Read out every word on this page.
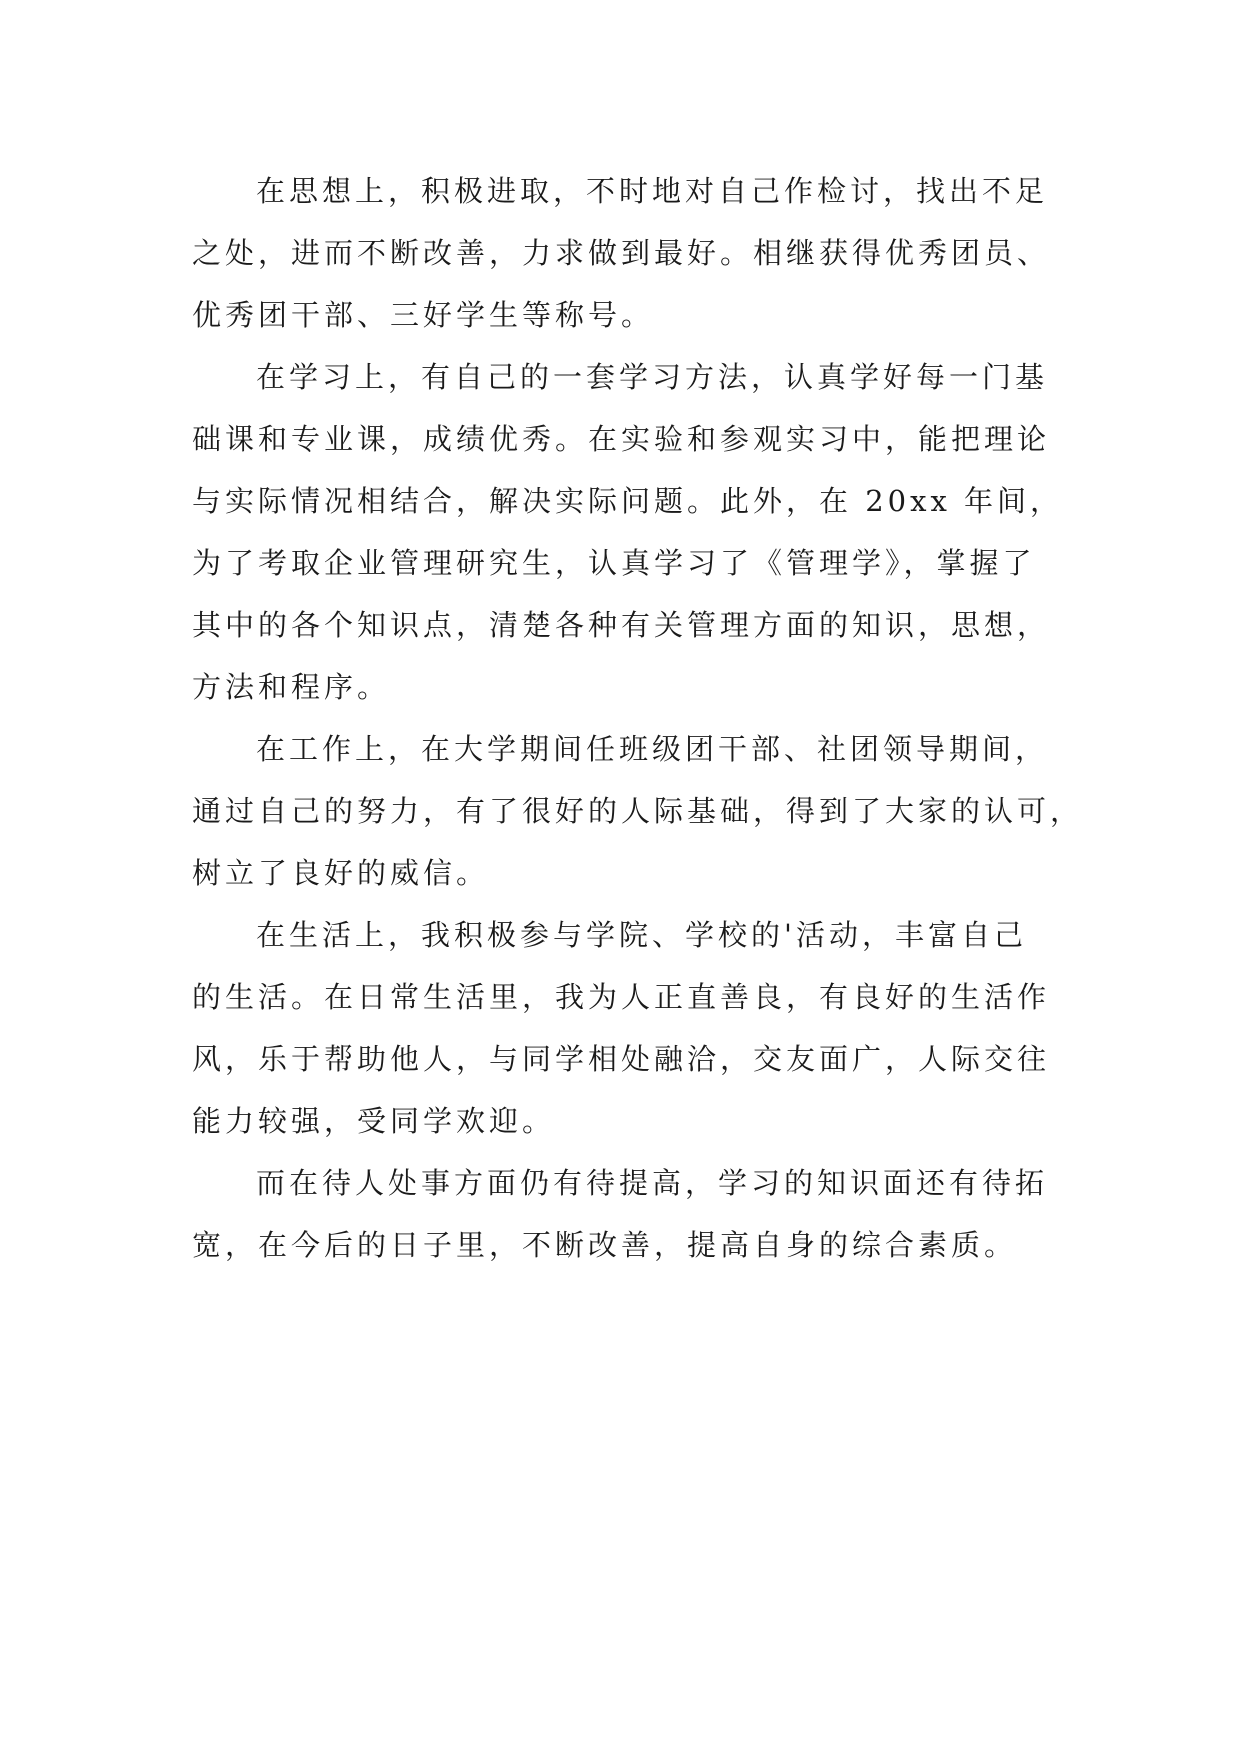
在思想上，积极进取，不时地对自己作检讨，找出不足
之处，进而不断改善，力求做到最好。相继获得优秀团员、
优秀团干部、三好学生等称号。
在学习上，有自己的一套学习方法，认真学好每一门基
础课和专业课，成绩优秀。在实验和参观实习中，能把理论
与实际情况相结合，解决实际问题。此外，在 20xx 年间，
为了考取企业管理研究生，认真学习了《管理学》，掌握了
其中的各个知识点，清楚各种有关管理方面的知识，思想，
方法和程序。
在工作上，在大学期间任班级团干部、社团领导期间，
通过自己的努力，有了很好的人际基础，得到了大家的认可，
树立了良好的威信。
在生活上，我积极参与学院、学校的'活动，丰富自己
的生活。在日常生活里，我为人正直善良，有良好的生活作
风，乐于帮助他人，与同学相处融洽，交友面广，人际交往
能力较强，受同学欢迎。
而在待人处事方面仍有待提高，学习的知识面还有待拓
宽，在今后的日子里，不断改善，提高自身的综合素质。
